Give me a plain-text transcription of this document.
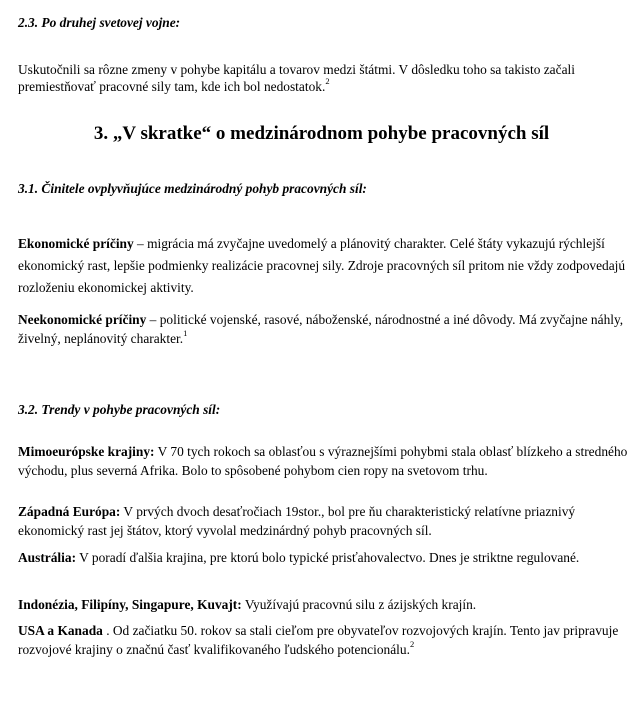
2.3. Po druhej svetovej vojne:
Uskutočnili sa rôzne zmeny v pohybe kapitálu a tovarov medzi štátmi. V dôsledku toho sa takisto začali premiestňovať pracovné sily tam, kde ich bol nedostatok.$^2$
3. „V skratke“ o medzinárodnom pohybe pracovných síl
3.1. Činitele ovplyvňujúce medzinárodný pohyb pracovných síl:
Ekonomické príčiny – migrácia má zvyčajne uvedomelý a plánovitý charakter. Celé štáty vykazujú rýchlejší ekonomický rast, lepšie podmienky realizácie pracovnej sily. Zdroje pracovných síl pritom nie vždy zodpovedajú rozloženiu ekonomickej aktivity.
Neekonomické príčiny – politické vojenské, rasové, náboženské, národnostné a iné dôvody. Má zvyčajne náhly, živelný, neplánovitý charakter.$^1$
3.2. Trendy v pohybe pracovných síl:
Mimoeurópske krajiny: V 70 tych rokoch sa oblasťou s výraznejšími pohybmi stala oblasť blízkeho a stredného východu, plus severná Afrika. Bolo to spôsobené pohybom cien ropy na svetovom trhu.
Západná Európa: V prvých dvoch desaťročiach 19stor., bol pre ňu charakteristický relatívne priaznivý ekonomický rast jej štátov, ktorý vyvolal medzinárdný pohyb pracovných síl.
Austrália: V poradí ďalšia krajina, pre ktorú bolo typické prisťahovalectvo. Dnes je striktne regulované.
Indonézia, Filipíny, Singapure, Kuvajt: Využívajú pracovnú silu z ázijských krajín.
USA a Kanada . Od začiatku 50. rokov sa stali cieľom pre obyvateľov rozvojových krajín. Tento jav pripravuje rozvojové krajiny o značnú časť kvalifikovaného ľudského potencionálu.$^2$
